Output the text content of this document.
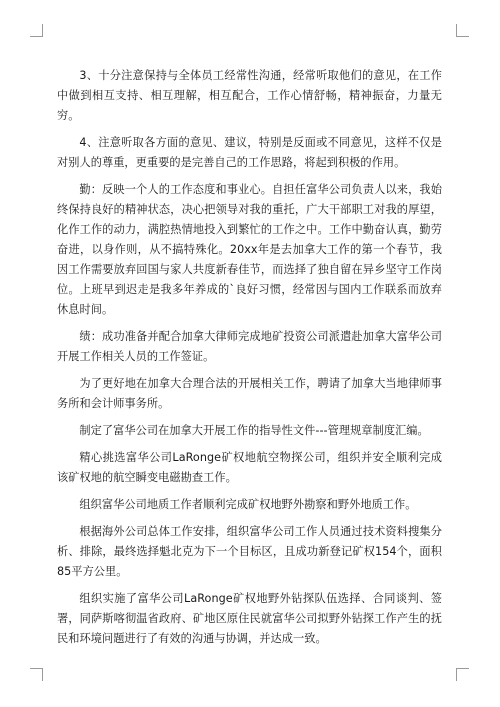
3、十分注意保持与全体员工经常性沟通，经常听取他们的意见，在工作中做到相互支持、相互理解，相互配合，工作心情舒畅，精神振奋，力量无穷。

4、注意听取各方面的意见、建议，特别是反面或不同意见，这样不仅是对别人的尊重，更重要的是完善自己的工作思路，将起到积极的作用。

勤：反映一个人的工作态度和事业心。自担任富华公司负责人以来，我始终保持良好的精神状态，决心把领导对我的重托，广大干部职工对我的厚望，化作工作的动力，满腔热情地投入到繁忙的工作之中。工作中勤奋认真，勤劳奋进，以身作则，从不搞特殊化。20xx年是去加拿大工作的第一个春节，我因工作需要放弃回国与家人共度新春佳节，而选择了独自留在异乡坚守工作岗位。上班早到迟走是我多年养成的`良好习惯，经常因与国内工作联系而放弃休息时间。

绩：成功准备并配合加拿大律师完成地矿投资公司派遣赴加拿大富华公司开展工作相关人员的工作签证。

为了更好地在加拿大合理合法的开展相关工作，聘请了加拿大当地律师事务所和会计师事务所。

制定了富华公司在加拿大开展工作的指导性文件---管理规章制度汇编。

精心挑选富华公司LaRonge矿权地航空物探公司，组织并安全顺利完成该矿权地的航空瞬变电磁勘查工作。

组织富华公司地质工作者顺利完成矿权地野外勘察和野外地质工作。

根据海外公司总体工作安排，组织富华公司工作人员通过技术资料搜集分析、排除，最终选择魁北克为下一个目标区，且成功新登记矿权154个，面积85平方公里。

组织实施了富华公司LaRonge矿权地野外钻探队伍选择、合同谈判、签署，同萨斯喀彻温省政府、矿地区原住民就富华公司拟野外钻探工作产生的抚民和环境问题进行了有效的沟通与协调，并达成一致。
